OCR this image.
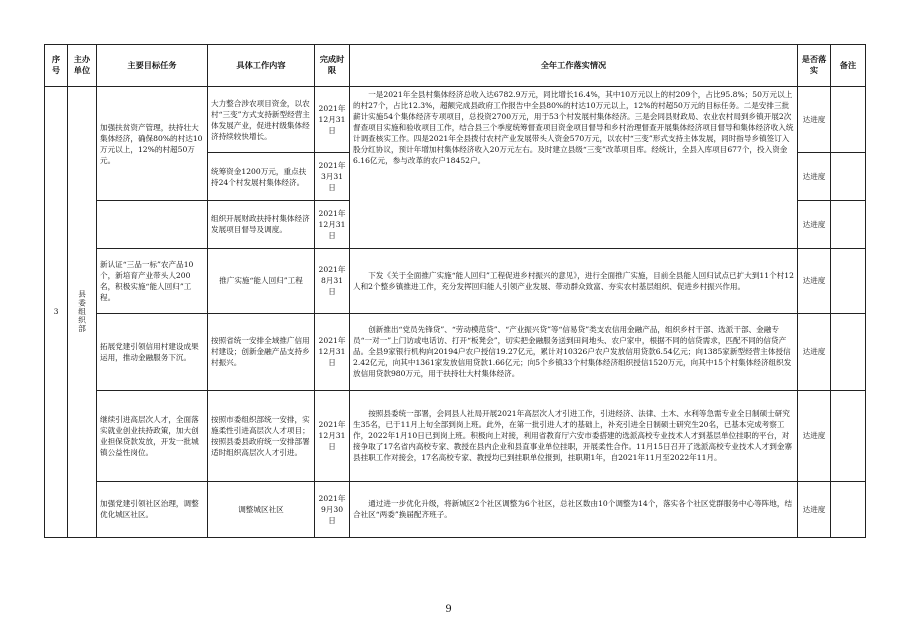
序号	主办单位	主要目标任务	具体工作内容	完成时限	全年工作落实情况	是否落实	备注
3	县委组织部	加强扶贫资产管理，扶持壮大集体经济，确保80%的村达10万元以上，12%的村超50万元。	大力整合涉农项目资金，以农村“三变”方式支持新型经营主体发展产业，促进村级集体经济持续较快增长。	2021年12月31日	一是2021年全县村集体经济总收入达6782.9万元，同比增长16.4%，其中10万元以上的村209个，占比95.8%；50万元以上的村27个，占比12.3%，超额完成县政府工作报告中全县80%的村达10万元以上，12%的村超50万元的目标任务。二是安排三批薪计实施54个集体经济专项项目，总投资2700万元，用于53个村发展村集体经济。三是会同县财政局、农业农村局到乡镇开展2次督查项目实施和验收项目工作，结合县三个季度统筹督查项目资金项目督导和乡村治理督查开展集体经济项目督导和集体经济收入统计调查核实工作。四是2021年全县拨付农村产业发展带头人资金570万元，以农村“三变”形式支持主体发展，同时指导乡镇签订入股分红协议，预计年增加村集体经济收入20万元左右。及时建立县级“三变”改革项目库。经统计，全县入库项目677个，投入资金6.16亿元，参与改革的农户18452户。	达进度	
			统筹资金1200万元，重点扶持24个村发展村集体经济。	2021年3月31日		达进度	
			组织开展财政扶持村集体经济发展项目督导及调度。	2021年12月31日		达进度	
		新认证“三品一标”农产品10个，新培育产业带头人200名，积极实施“能人回归”工程。	推广实施“能人回归”工程	2021年8月31日	下发《关于全面推广实施“能人回归”工程促进乡村振兴的意见》，进行全面推广实施，目前全县能人回归试点已扩大到11个村12人和2个整乡镇推进工作，充分发挥回归能人引领产业发展、带动群众致富、夯实农村基层组织、促进乡村振兴作用。	达进度	
		拓展党建引领信用村建设成果运用，推动金融服务下沉。	按照省统一安排全域推广信用村建设；创新金融产品支持乡村振兴。	2021年12月31日	创新推出“党员先锋贷”、“劳动模范贷”、“产业振兴贷”等“信易贷”类支农信用金融产品，组织乡村干部、选派干部、金融专员“一对一”上门访或电话访、打开“板凳会”，切实把金融服务送到田间地头、农户家中，根据不同的信贷需求，匹配不同的信贷产品。全县9家银行机构向20194户农户授信19.27亿元，累计对10326户农户发放信用贷款6.54亿元；向1385家新型经营主体授信2.42亿元，向其中1361家发放信用贷款1.66亿元；向5个乡镇33个村集体经济组织授信1520万元，向其中15个村集体经济组织发放信用贷款980万元，用于扶持壮大村集体经济。	达进度	
		继续引进高层次人才，全面落实就业创业扶持政策，加大创业担保贷款发放，开发一批城镇公益性岗位。	按照市委组织部统一安排，实施柔性引进高层次人才项目；按照县委县政府统一安排部署适时组织高层次人才引进。	2021年12月31日	按照县委统一部署，会同县人社局开展2021年高层次人才引进工作，引进经济、法律、土木、水利等急需专业全日制硕士研究生35名，已于11月上旬全部到岗上班。此外，在第一批引进人才的基础上，补充引进全日制硕士研究生20名，已基本完成考察工作，2022年1月10日已到岗上班。积极向上对接，利用省教育厅六安市委搭建的选派高校专业技术人才到基层单位挂职的平台，对接争取了17名省内高校专家、教授在县内企业和县直事业单位挂职，开展柔性合作。11月15日召开了选派高校专业技术人才到金寨县挂职工作对接会，17名高校专家、教授均已到挂职单位报到，挂职期1年，自2021年11月至2022年11月。	达进度	
		加强党建引领社区治理，调整优化城区社区。	调整城区社区	2021年9月30日	通过进一步优化升级，将新城区2个社区调整为6个社区，总社区数由10个调整为14个，落实各个社区党群服务中心等阵地，结合社区“两委”换届配齐班子。	达进度	
9
